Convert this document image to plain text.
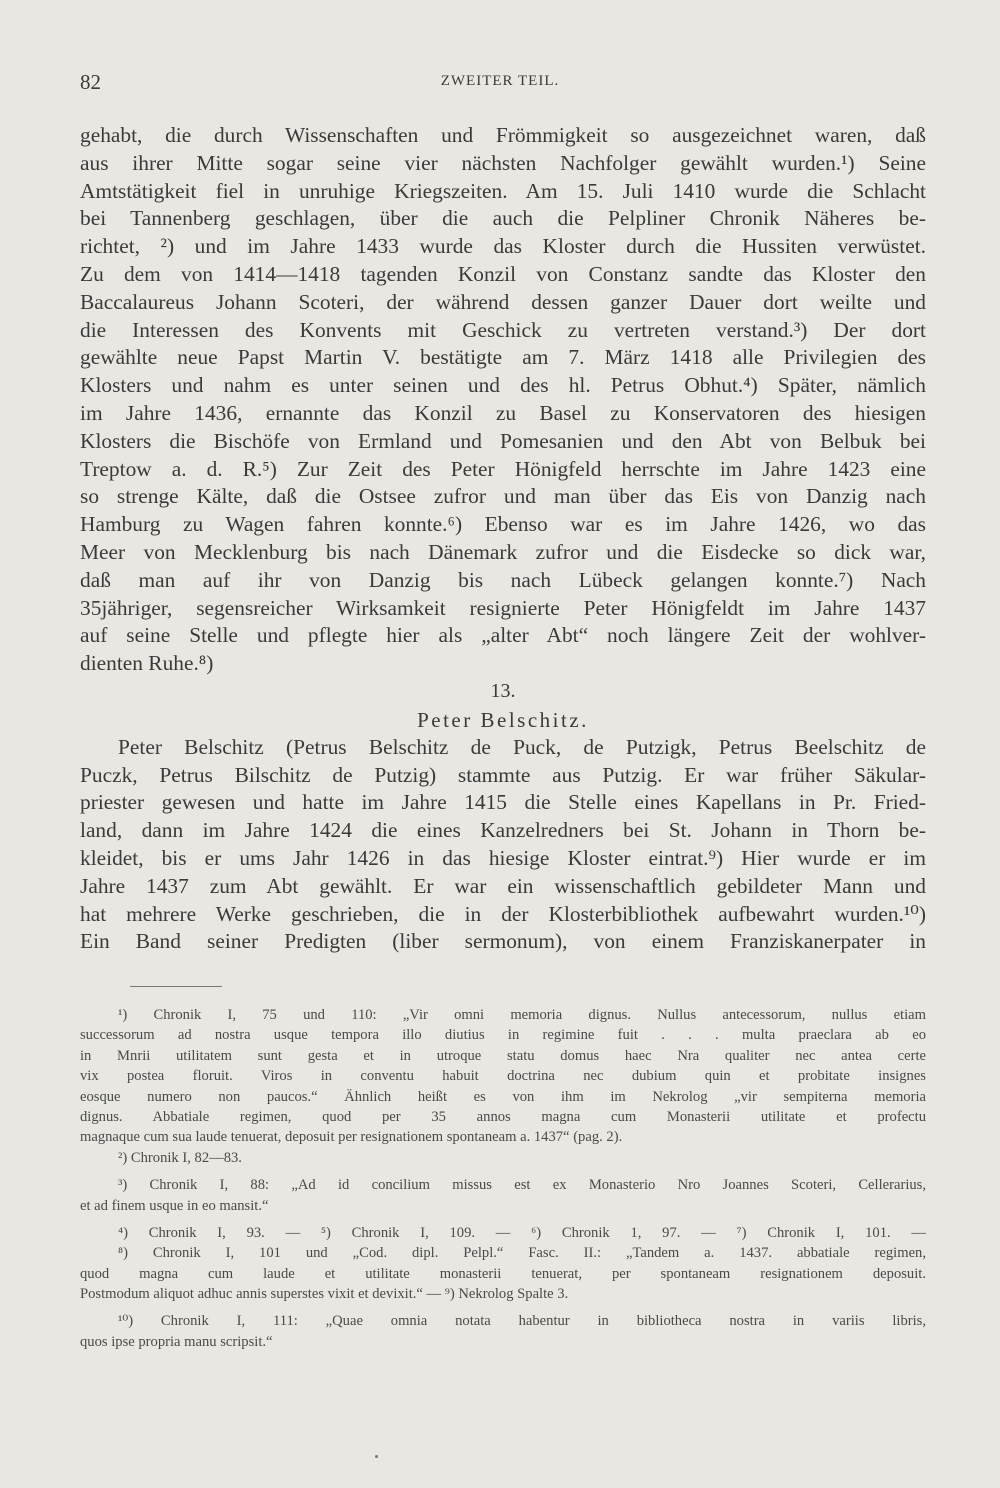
82	ZWEITER TEIL.
gehabt, die durch Wissenschaften und Frömmigkeit so ausgezeichnet waren, daß
aus ihrer Mitte sogar seine vier nächsten Nachfolger gewählt wurden.¹) Seine
Amtstätigkeit fiel in unruhige Kriegszeiten. Am 15. Juli 1410 wurde die Schlacht
bei Tannenberg geschlagen, über die auch die Pelpliner Chronik Näheres be-
richtet, ²) und im Jahre 1433 wurde das Kloster durch die Hussiten verwüstet.
Zu dem von 1414—1418 tagenden Konzil von Constanz sandte das Kloster den
Baccalaureus Johann Scoteri, der während dessen ganzer Dauer dort weilte und
die Interessen des Konvents mit Geschick zu vertreten verstand.³) Der dort
gewählte neue Papst Martin V. bestätigte am 7. März 1418 alle Privilegien des
Klosters und nahm es unter seinen und des hl. Petrus Obhut.⁴) Später, nämlich
im Jahre 1436, ernannte das Konzil zu Basel zu Konservatoren des hiesigen
Klosters die Bischöfe von Ermland und Pomesanien und den Abt von Belbuk bei
Treptow a. d. R.⁵) Zur Zeit des Peter Hönigfeld herrschte im Jahre 1423 eine
so strenge Kälte, daß die Ostsee zufror und man über das Eis von Danzig nach
Hamburg zu Wagen fahren konnte.⁶) Ebenso war es im Jahre 1426, wo das
Meer von Mecklenburg bis nach Dänemark zufror und die Eisdecke so dick war,
daß man auf ihr von Danzig bis nach Lübeck gelangen konnte.⁷) Nach
35jähriger, segensreicher Wirksamkeit resignierte Peter Hönigfeldt im Jahre 1437
auf seine Stelle und pflegte hier als „alter Abt“ noch längere Zeit der wohlver-
dienten Ruhe.⁸)
13.
Peter Belschitz.
Peter Belschitz (Petrus Belschitz de Puck, de Putzigk, Petrus Beelschitz de
Puczk, Petrus Bilschitz de Putzig) stammte aus Putzig. Er war früher Säkular-
priester gewesen und hatte im Jahre 1415 die Stelle eines Kapellans in Pr. Fried-
land, dann im Jahre 1424 die eines Kanzelredners bei St. Johann in Thorn be-
kleidet, bis er ums Jahr 1426 in das hiesige Kloster eintrat.⁹) Hier wurde er im
Jahre 1437 zum Abt gewählt. Er war ein wissenschaftlich gebildeter Mann und
hat mehrere Werke geschrieben, die in der Klosterbibliothek aufbewahrt wurden.¹⁰)
Ein Band seiner Predigten (liber sermonum), von einem Franziskanerpater in
¹) Chronik I, 75 und 110: „Vir omni memoria dignus. Nullus antecessorum, nullus etiam
successorum ad nostra usque tempora illo diutius in regimine fuit . . . multa praeclara ab eo
in Mnrii utilitatem sunt gesta et in utroque statu domus haec Nra qualiter nec antea certe
vix postea floruit. Viros in conventu habuit doctrina nec dubium quin et probitate insignes
eosque numero non paucos.“ Ähnlich heißt es von ihm im Nekrolog „vir sempiterna memoria
dignus. Abbatiale regimen, quod per 35 annos magna cum Monasterii utilitate et profectu
magnaque cum sua laude tenuerat, deposuit per resignationem spontaneam a. 1437“ (pag. 2).
²) Chronik I, 82—83.
³) Chronik I, 88: „Ad id concilium missus est ex Monasterio Nro Joannes Scoteri, Cellerarius,
et ad finem usque in eo mansit.“
⁴) Chronik I, 93. — ⁵) Chronik I, 109. — ⁶) Chronik 1, 97. — ⁷) Chronik I, 101. —
⁸) Chronik I, 101 und „Cod. dipl. Pelpl.“ Fasc. II.: „Tandem a. 1437. abbatiale regimen,
quod magna cum laude et utilitate monasterii tenuerat, per spontaneam resignationem deposuit.
Postmodum aliquot adhuc annis superstes vixit et devixit.“ — ⁹) Nekrolog Spalte 3.
¹⁰) Chronik I, 111: „Quae omnia notata habentur in bibliotheca nostra in variis libris,
quos ipse propria manu scripsit.“
